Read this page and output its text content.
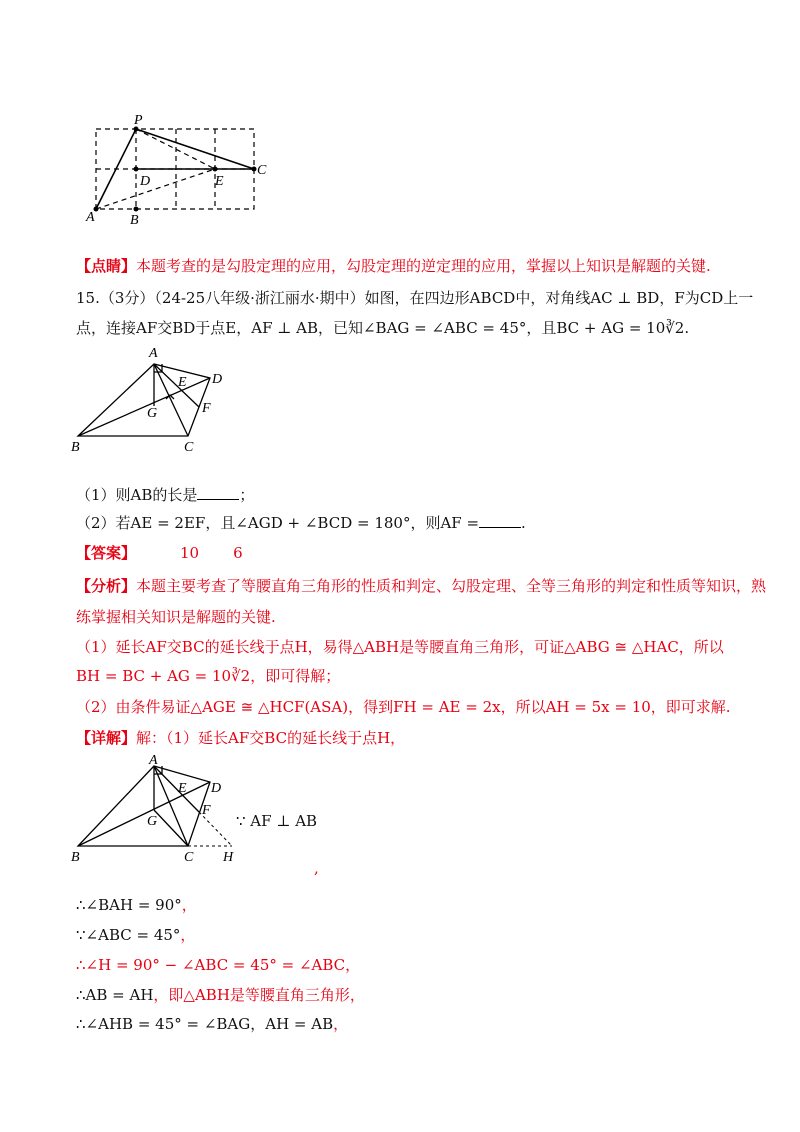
P
D	E
C
A	B
【点睛】本题考查的是勾股定理的应用，勾股定理的逆定理的应用，掌握以上知识是解题的关键.
15.（3分）（24-25八年级·浙江丽水·期中）如图，在四边形ABCD中，对角线AC ⊥ BD，F为CD上一
点，连接AF交BD于点E，AF ⊥ AB，已知∠BAG = ∠ABC = 45°，且BC + AG = 10∛2.
A
E D
G	F
B	C
（1）则AB的长是	；
（2）若AE = 2EF，且∠AGD + ∠BCD = 180°，则AF =	.
【答案】	10 6
【分析】本题主要考查了等腰直角三角形的性质和判定、勾股定理、全等三角形的判定和性质等知识，熟
练掌握相关知识是解题的关键.
（1）延长AF交BC的延长线于点H，易得△ABH是等腰直角三角形，可证△ABG ≅ △HAC，所以
BH = BC + AG = 10∛2，即可得解；
（2）由条件易证△AGE ≅ △HCF(ASA)，得到FH = AE = 2x，所以AH = 5x = 10，即可求解.
【详解】解：（1）延长AF交BC的延长线于点H，
A
E D
G
F
B	C H
∵ AF ⊥ AB
,
∴∠BAH = 90°，
∵∠ABC = 45°，
∴∠H = 90° − ∠ABC = 45° = ∠ABC，
∴AB = AH，即△ABH是等腰直角三角形，
∴∠AHB = 45° = ∠BAG，AH = AB，
